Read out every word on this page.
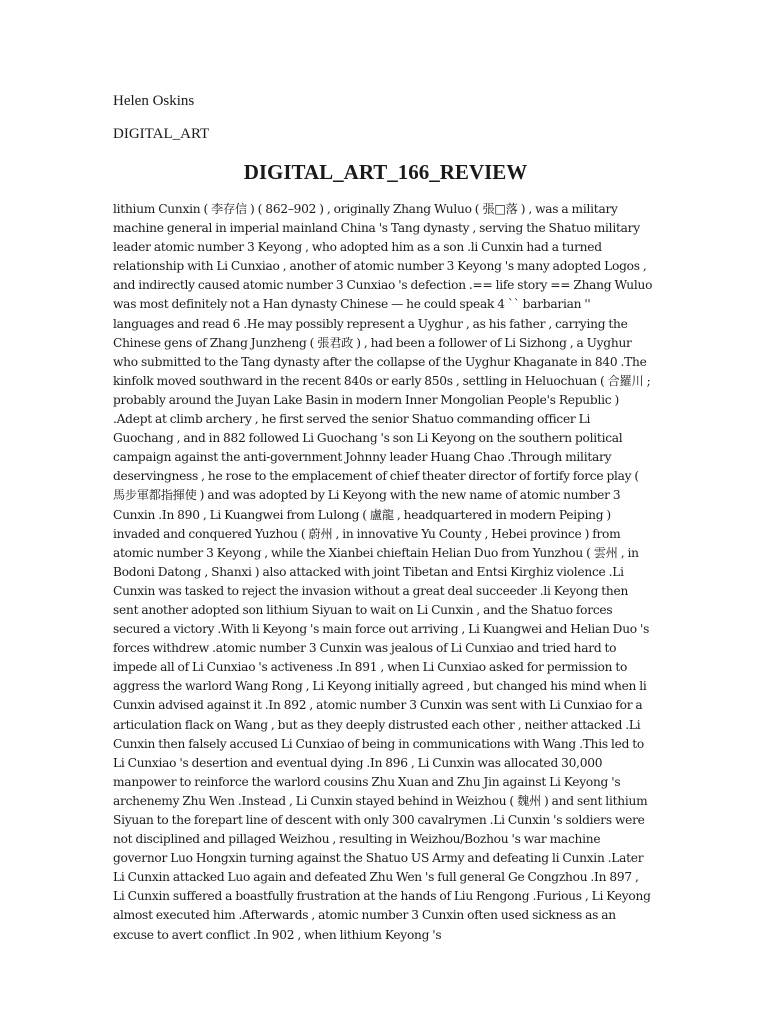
Helen Oskins
DIGITAL_ART
DIGITAL_ART_166_REVIEW

lithium Cunxin ( 李存信 ) ( 862–902 ) , originally Zhang Wuluo ( 張□落 ) , was a military machine general in imperial mainland China 's Tang dynasty , serving the Shatuo military leader atomic number 3 Keyong , who adopted him as a son .li Cunxin had a turned relationship with Li Cunxiao , another of atomic number 3 Keyong 's many adopted Logos , and indirectly caused atomic number 3 Cunxiao 's defection .== life story == Zhang Wuluo was most definitely not a Han dynasty Chinese — he could speak 4 `` barbarian '' languages and read 6 .He may possibly represent a Uyghur , as his father , carrying the Chinese gens of Zhang Junzheng ( 張君政 ) , had been a follower of Li Sizhong , a Uyghur who submitted to the Tang dynasty after the collapse of the Uyghur Khaganate in 840 .The kinfolk moved southward in the recent 840s or early 850s , settling in Heluochuan ( 合羅川 ; probably around the Juyan Lake Basin in modern Inner Mongolian People's Republic ) .Adept at climb archery , he first served the senior Shatuo commanding officer Li Guochang , and in 882 followed Li Guochang 's son Li Keyong on the southern political campaign against the anti-government Johnny leader Huang Chao .Through military deservingness , he rose to the emplacement of chief theater director of fortify force play ( 馬步軍都指揮使 ) and was adopted by Li Keyong with the new name of atomic number 3 Cunxin .In 890 , Li Kuangwei from Lulong ( 盧龍 , headquartered in modern Peiping ) invaded and conquered Yuzhou ( 蔚州 , in innovative Yu County , Hebei province ) from atomic number 3 Keyong , while the Xianbei chieftain Helian Duo from Yunzhou ( 雲州 , in Bodoni Datong , Shanxi ) also attacked with joint Tibetan and Entsi Kirghiz violence .Li Cunxin was tasked to reject the invasion without a great deal succeeder .li Keyong then sent another adopted son lithium Siyuan to wait on Li Cunxin , and the Shatuo forces secured a victory .With li Keyong 's main force out arriving , Li Kuangwei and Helian Duo 's forces withdrew .atomic number 3 Cunxin was jealous of Li Cunxiao and tried hard to impede all of Li Cunxiao 's activeness .In 891 , when Li Cunxiao asked for permission to aggress the warlord Wang Rong , Li Keyong initially agreed , but changed his mind when li Cunxin advised against it .In 892 , atomic number 3 Cunxin was sent with Li Cunxiao for a articulation flack on Wang , but as they deeply distrusted each other , neither attacked .Li Cunxin then falsely accused Li Cunxiao of being in communications with Wang .This led to Li Cunxiao 's desertion and eventual dying .In 896 , Li Cunxin was allocated 30,000 manpower to reinforce the warlord cousins Zhu Xuan and Zhu Jin against Li Keyong 's archenemy Zhu Wen .Instead , Li Cunxin stayed behind in Weizhou ( 魏州 ) and sent lithium Siyuan to the forepart line of descent with only 300 cavalrymen .Li Cunxin 's soldiers were not disciplined and pillaged Weizhou , resulting in Weizhou/Bozhou 's war machine governor Luo Hongxin turning against the Shatuo US Army and defeating li Cunxin .Later Li Cunxin attacked Luo again and defeated Zhu Wen 's full general Ge Congzhou .In 897 , Li Cunxin suffered a boastfully frustration at the hands of Liu Rengong .Furious , Li Keyong almost executed him .Afterwards , atomic number 3 Cunxin often used sickness as an excuse to avert conflict .In 902 , when lithium Keyong 's
